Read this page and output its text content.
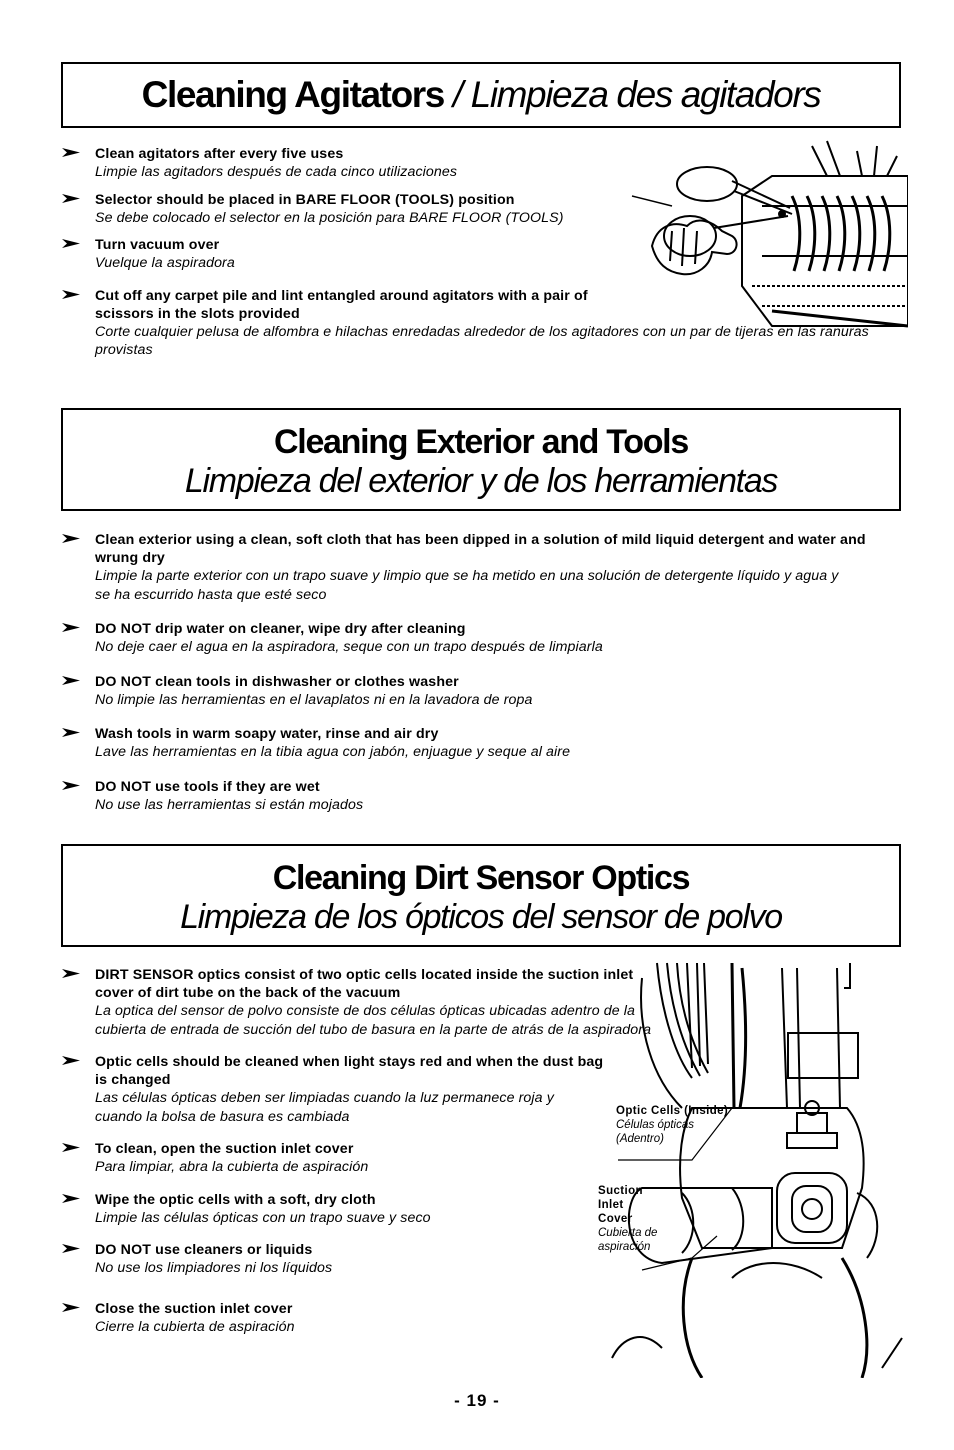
Cleaning Agitators / Limpieza des agitadors
Clean agitators after every five uses
Limpie las agitadors después de cada cinco utilizaciones
Selector should be placed in BARE FLOOR (TOOLS) position
Se debe colocado el selector en la posición para BARE FLOOR (TOOLS)
Turn vacuum over
Vuelque la aspiradora
Cut off any carpet pile and lint entangled around agitators with a pair of scissors in the slots provided
Corte cualquier pelusa de alfombra e hilachas enredadas alrededor de los agitadores con un par de tijeras en las ranuras provistas
Cleaning Exterior and Tools
Limpieza del exterior y de los herramientas
Clean exterior using a clean, soft cloth that has been dipped in a solution of mild liquid detergent and water and wrung dry
Limpie la parte exterior con un trapo suave y limpio que se ha metido en una solución de detergente líquido y agua y se ha escurrido hasta que esté seco
DO NOT drip water on cleaner, wipe dry after cleaning
No deje caer el agua en la aspiradora, seque con un trapo después de limpiarla
DO NOT clean tools in dishwasher or clothes washer
No limpie las herramientas en el lavaplatos ni en la lavadora de ropa
Wash tools in warm soapy water, rinse and air dry
Lave las herramientas en la tibia agua con jabón, enjuague y seque al aire
DO NOT use tools if they are wet
No use las herramientas si están mojados
Cleaning Dirt Sensor Optics
Limpieza de los ópticos del sensor de polvo
DIRT SENSOR optics consist of two optic cells located inside the suction inlet cover of dirt tube on the back of the vacuum
La optica del sensor de polvo consiste de dos células ópticas ubicadas adentro de la cubierta de entrada de succión del tubo de basura en la parte de atrás de la aspiradora
Optic cells should be cleaned when light stays red and when the dust bag is changed
Las células ópticas deben ser limpiadas cuando la luz permanece roja y cuando la bolsa de basura es cambiada
To clean, open the suction inlet cover
Para limpiar, abra la cubierta de aspiración
Wipe the optic cells with a soft, dry cloth
Limpie las células ópticas con un trapo suave y seco
DO NOT use cleaners or liquids
No use los limpiadores ni los líquidos
Close the suction inlet cover
Cierre la cubierta de aspiración
Optic Cells (Inside)
Células ópticas
(Adentro)
Suction
Inlet
Cover
Cubierta de
aspiración
- 19 -
